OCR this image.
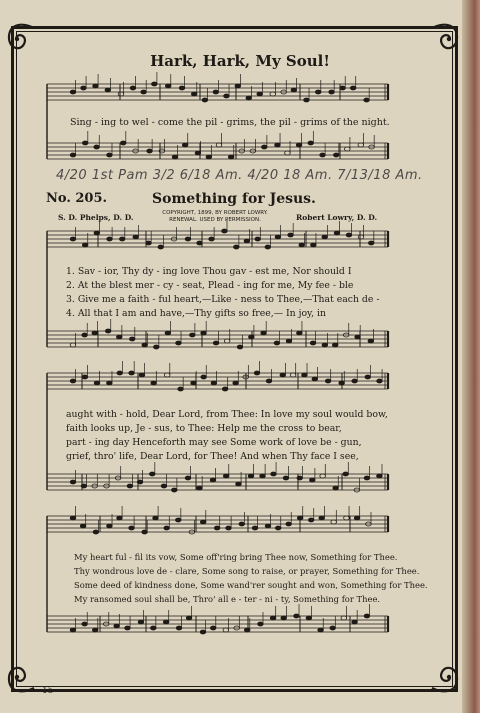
Hark, Hark, My Soul!
Sing - ing to wel - come the pil - grims, the pil - grims of the night.
4/20 1st Pam 3/2 6/18 Am. 4/20 18 Am. 7/13/18 Am.
No. 205.	Something for Jesus.
S. D. Phelps, D. D.	COPYRIGHT, 1899, BY ROBERT LOWRY.
RENEWAL. USED BY PERMISSION.	Robert Lowry, D. D.
1. Sav - ior, Thy dy - ing love Thou gav - est me, Nor should I
2. At the blest mer - cy - seat, Plead - ing for me, My fee - ble
3. Give me a faith - ful heart,—Like - ness to Thee,—That each de -
4. All that I am and have,—Thy gifts so free,— In joy, in
aught with - hold, Dear Lord, from Thee: In love my soul would bow,
faith looks up, Je - sus, to Thee: Help me the cross to bear,
part - ing day Henceforth may see Some work of love be - gun,
grief, thro' life, Dear Lord, for Thee! And when Thy face I see,
My heart ful - fil its vow, Some off'ring bring Thee now, Something for Thee.
Thy wondrous love de - clare, Some song to raise, or prayer, Something for Thee.
Some deed of kindness done, Some wand'rer sought and won, Something for Thee.
My ransomed soul shall be, Thro' all e - ter - ni - ty, Something for Thee.
15
